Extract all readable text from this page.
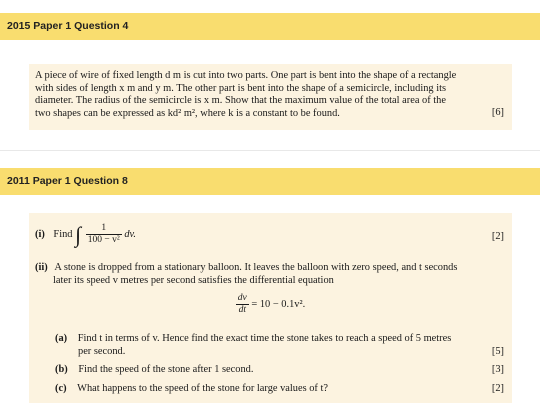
2015 Paper 1 Question 4

A piece of wire of fixed length d m is cut into two parts. One part is bent into the shape of a rectangle

with sides of length x m and y m. The other part is bent into the shape of a semicircle, including its

diameter. The radius of the semicircle is x m. Show that the maximum value of the total area of the

two shapes can be expressed as kd² m², where k is a constant to be found.	[6]
2011 Paper 1 Question 8
(i) Find ∫ $\frac{1}{\text{100 − v²}}$ dv.	[2]
(ii) A stone is dropped from a stationary balloon. It leaves the balloon with zero speed, and t seconds
later its speed v metres per second satisfies the differential equation
$\frac{dv}{dt} = 10 - 0.1v^2$.
(a) Find t in terms of v. Hence find the exact time the stone takes to reach a speed of 5 metres
per second.	[5]
(b) Find the speed of the stone after 1 second.	[3]
(c) What happens to the speed of the stone for large values of t?	[2]
